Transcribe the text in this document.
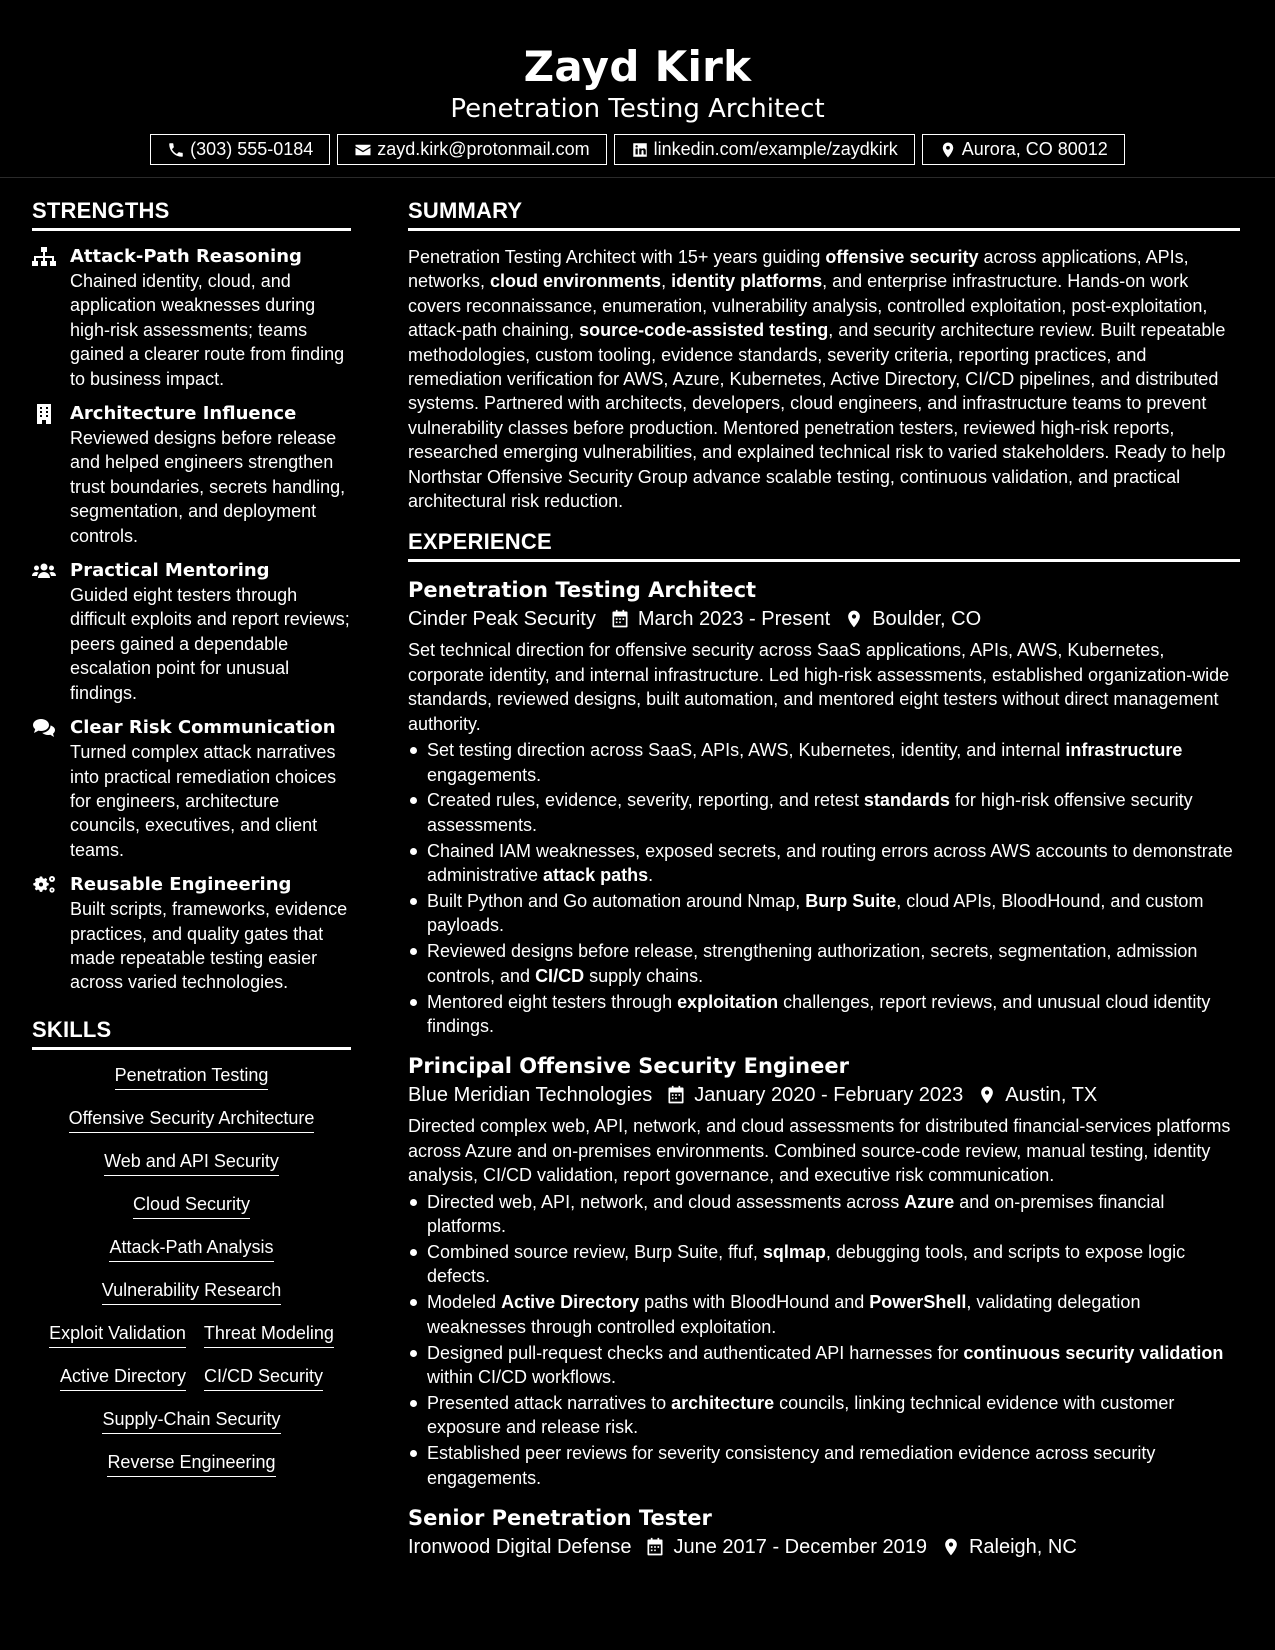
Zayd Kirk
Penetration Testing Architect
(303) 555-0184	zayd.kirk@protonmail.com	linkedin.com/example/zaydkirk	Aurora, CO 80012
STRENGTHS
Attack-Path Reasoning
Chained identity, cloud, and application weaknesses during high-risk assessments; teams gained a clearer route from finding to business impact.
Architecture Influence
Reviewed designs before release and helped engineers strengthen trust boundaries, secrets handling, segmentation, and deployment controls.
Practical Mentoring
Guided eight testers through difficult exploits and report reviews; peers gained a dependable escalation point for unusual findings.
Clear Risk Communication
Turned complex attack narratives into practical remediation choices for engineers, architecture councils, executives, and client teams.
Reusable Engineering
Built scripts, frameworks, evidence practices, and quality gates that made repeatable testing easier across varied technologies.
SKILLS
Penetration Testing
Offensive Security Architecture
Web and API Security
Cloud Security
Attack-Path Analysis
Vulnerability Research
Exploit Validation Threat Modeling
Active Directory CI/CD Security
Supply-Chain Security
Reverse Engineering
SUMMARY
Penetration Testing Architect with 15+ years guiding offensive security across applications, APIs, networks, cloud environments, identity platforms, and enterprise infrastructure. Hands-on work covers reconnaissance, enumeration, vulnerability analysis, controlled exploitation, post-exploitation, attack-path chaining, source-code-assisted testing, and security architecture review. Built repeatable methodologies, custom tooling, evidence standards, severity criteria, reporting practices, and remediation verification for AWS, Azure, Kubernetes, Active Directory, CI/CD pipelines, and distributed systems. Partnered with architects, developers, cloud engineers, and infrastructure teams to prevent vulnerability classes before production. Mentored penetration testers, reviewed high-risk reports, researched emerging vulnerabilities, and explained technical risk to varied stakeholders. Ready to help Northstar Offensive Security Group advance scalable testing, continuous validation, and practical architectural risk reduction.
EXPERIENCE
Penetration Testing Architect
Cinder Peak Security March 2023 - Present Boulder, CO
Set technical direction for offensive security across SaaS applications, APIs, AWS, Kubernetes, corporate identity, and internal infrastructure. Led high-risk assessments, established organization-wide standards, reviewed designs, built automation, and mentored eight testers without direct management authority.
Set testing direction across SaaS, APIs, AWS, Kubernetes, identity, and internal infrastructure engagements.
Created rules, evidence, severity, reporting, and retest standards for high-risk offensive security assessments.
Chained IAM weaknesses, exposed secrets, and routing errors across AWS accounts to demonstrate administrative attack paths.
Built Python and Go automation around Nmap, Burp Suite, cloud APIs, BloodHound, and custom payloads.
Reviewed designs before release, strengthening authorization, secrets, segmentation, admission controls, and CI/CD supply chains.
Mentored eight testers through exploitation challenges, report reviews, and unusual cloud identity findings.
Principal Offensive Security Engineer
Blue Meridian Technologies January 2020 - February 2023 Austin, TX
Directed complex web, API, network, and cloud assessments for distributed financial-services platforms across Azure and on-premises environments. Combined source-code review, manual testing, identity analysis, CI/CD validation, report governance, and executive risk communication.
Directed web, API, network, and cloud assessments across Azure and on-premises financial platforms.
Combined source review, Burp Suite, ffuf, sqlmap, debugging tools, and scripts to expose logic defects.
Modeled Active Directory paths with BloodHound and PowerShell, validating delegation weaknesses through controlled exploitation.
Designed pull-request checks and authenticated API harnesses for continuous security validation within CI/CD workflows.
Presented attack narratives to architecture councils, linking technical evidence with customer exposure and release risk.
Established peer reviews for severity consistency and remediation evidence across security engagements.
Senior Penetration Tester
Ironwood Digital Defense June 2017 - December 2019 Raleigh, NC
